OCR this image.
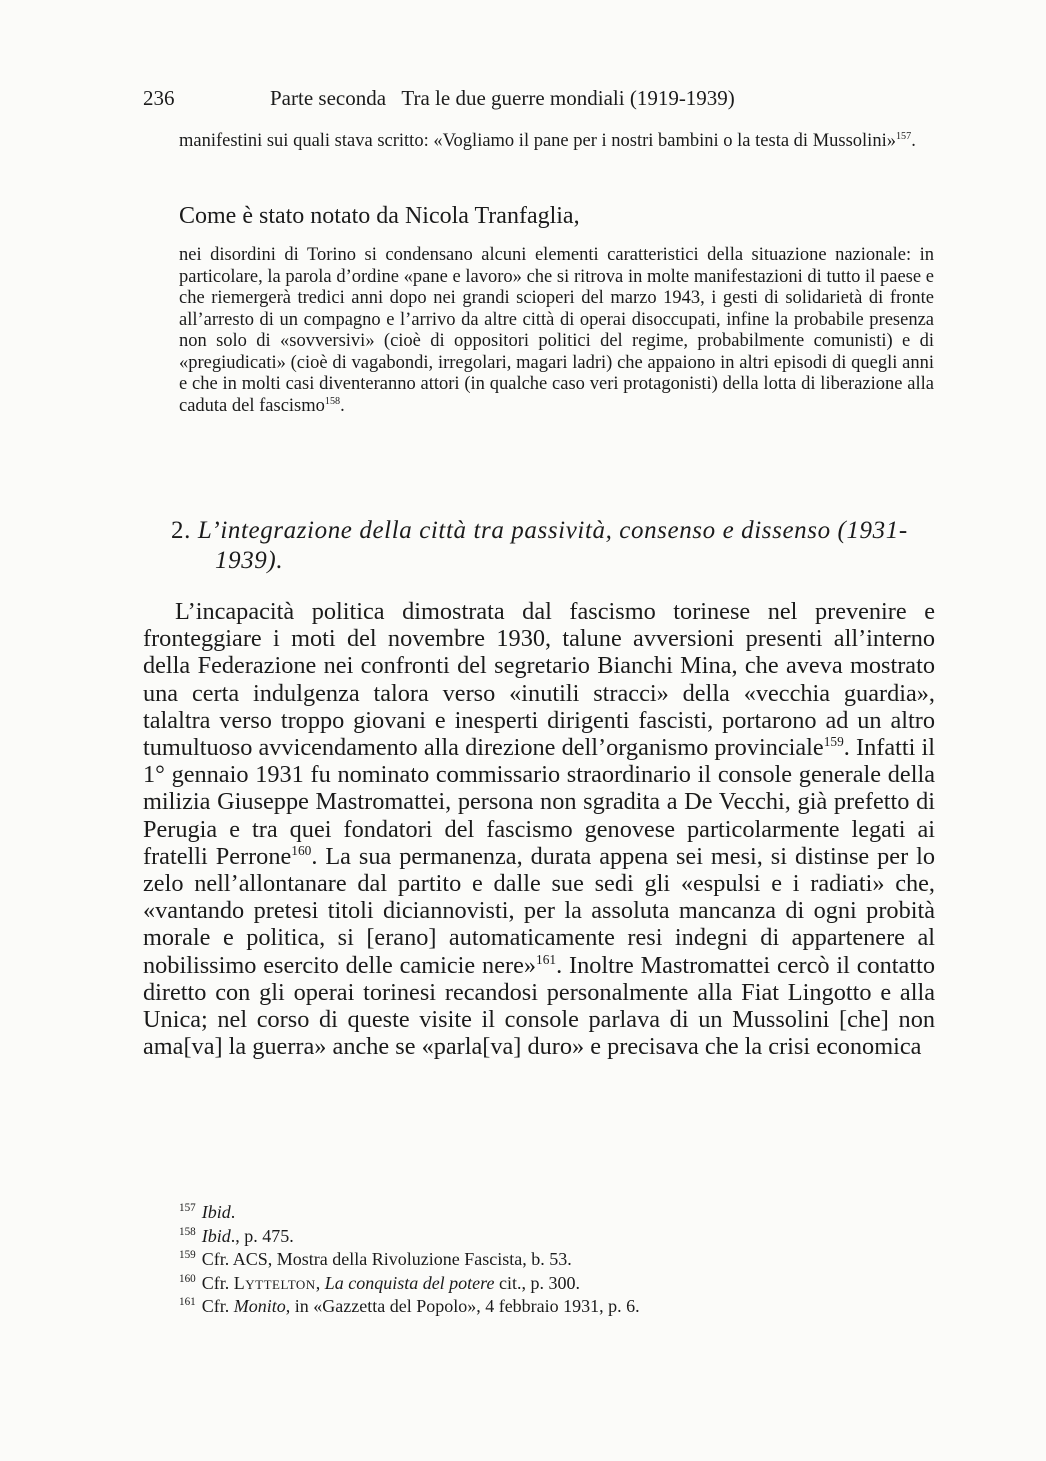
236	Parte seconda   Tra le due guerre mondiali (1919-1939)
manifestini sui quali stava scritto: «Vogliamo il pane per i nostri bambini o la testa di Mussolini»$^{157}$.
Come è stato notato da Nicola Tranfaglia,
nei disordini di Torino si condensano alcuni elementi caratteristici della situazione nazionale: in particolare, la parola d’ordine «pane e lavoro» che si ritrova in molte manifestazioni di tutto il paese e che riemergerà tredici anni dopo nei grandi scioperi del marzo 1943, i gesti di solidarietà di fronte all’arresto di un compagno e l’arrivo da altre città di operai disoccupati, infine la probabile presenza non solo di «sovversivi» (cioè di oppositori politici del regime, probabilmente comunisti) e di «pregiudicati» (cioè di vagabondi, irregolari, magari ladri) che appaiono in altri episodi di quegli anni e che in molti casi diventeranno attori (in qualche caso veri protagonisti) della lotta di liberazione alla caduta del fascismo$^{158}$.
2. L’integrazione della città tra passività, consenso e dissenso (1931-
1939).
L’incapacità politica dimostrata dal fascismo torinese nel prevenire e fronteggiare i moti del novembre 1930, talune avversioni presenti all’interno della Federazione nei confronti del segretario Bianchi Mina, che aveva mostrato una certa indulgenza talora verso «inutili stracci» della «vecchia guardia», talaltra verso troppo giovani e inesperti dirigenti fascisti, portarono ad un altro tumultuoso avvicendamento alla direzione dell’organismo provinciale$^{159}$. Infatti il 1° gennaio 1931 fu nominato commissario straordinario il console generale della milizia Giuseppe Mastromattei, persona non sgradita a De Vecchi, già prefetto di Perugia e tra quei fondatori del fascismo genovese particolarmente legati ai fratelli Perrone$^{160}$. La sua permanenza, durata appena sei mesi, si distinse per lo zelo nell’allontanare dal partito e dalle sue sedi gli «espulsi e i radiati» che, «vantando pretesi titoli diciannovisti, per la assoluta mancanza di ogni probità morale e politica, si [erano] automaticamente resi indegni di appartenere al nobilissimo esercito delle camicie nere»$^{161}$. Inoltre Mastromattei cercò il contatto diretto con gli operai torinesi recandosi personalmente alla Fiat Lingotto e alla Unica; nel corso di queste visite il console parlava di un Mussolini [che] non ama[va] la guerra» anche se «parla[va] duro» e precisava che la crisi economica
$^{157}$ Ibid.
$^{158}$ Ibid., p. 475.
$^{159}$ Cfr. ACS, Mostra della Rivoluzione Fascista, b. 53.
$^{160}$ Cfr. Lyttelton, La conquista del potere cit., p. 300.
$^{161}$ Cfr. Monito, in «Gazzetta del Popolo», 4 febbraio 1931, p. 6.
